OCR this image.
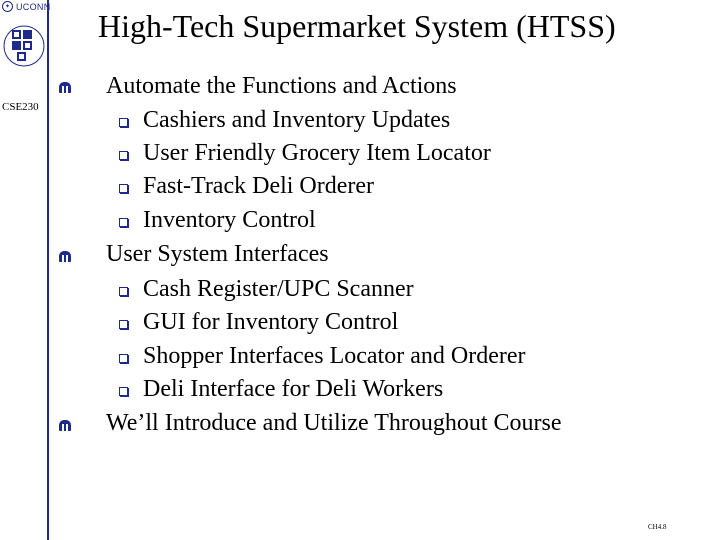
✦ UCONN
CSE230
High-Tech Supermarket System (HTSS)
Automate the Functions and Actions
Cashiers and Inventory Updates
User Friendly Grocery Item Locator
Fast-Track Deli Orderer
Inventory Control
User System Interfaces
Cash Register/UPC Scanner
GUI for Inventory Control
Shopper Interfaces Locator and Orderer
Deli Interface for Deli Workers
We’ll Introduce and Utilize Throughout Course
CH4.8
